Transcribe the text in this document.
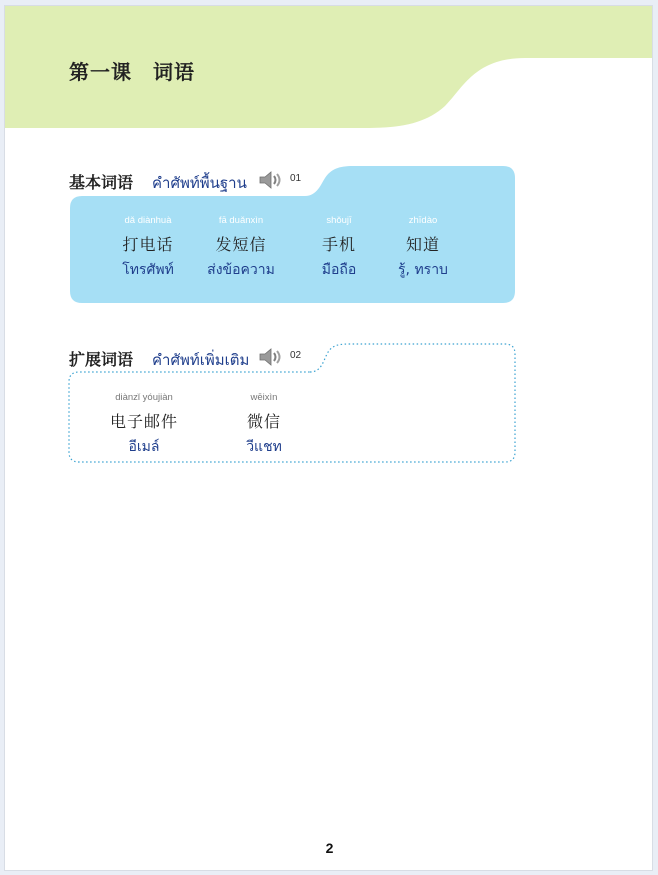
第一课　词语
基本词语 คำศัพท์พื้นฐาน	01
dǎ diànhuà
打电话
โทรศัพท์
fā duǎnxìn
发短信
ส่งข้อความ
shǒujī
手机
มือถือ
zhīdào
知道
รู้, ทราบ
扩展词语 คำศัพท์เพิ่มเติม	02
diànzǐ yóujiàn
电子邮件
อีเมล์
wēixìn
微信
วีแชท
2
